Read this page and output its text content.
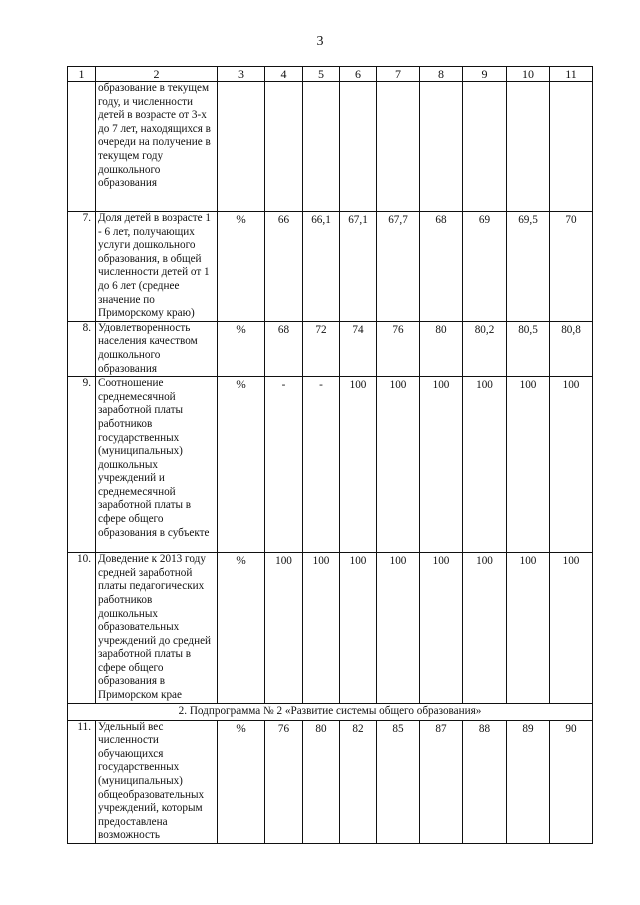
3
1	2	3	4	5	6	7	8	9	10	11
	образование в текущем году, и численности детей в возрасте от 3-х до 7 лет, находящихся в очереди на получение в текущем году дошкольного образования									
7.	Доля детей в возрасте 1 - 6 лет, получающих услуги дошкольного образования, в общей численности детей от 1 до 6 лет (среднее значение по Приморскому краю)	%	66	66,1	67,1	67,7	68	69	69,5	70
8.	Удовлетворенность населения качеством дошкольного образования	%	68	72	74	76	80	80,2	80,5	80,8
9.	Соотношение среднемесячной заработной платы работников государственных (муниципальных) дошкольных учреждений и среднемесячной заработной платы в сфере общего образования в субъекте	%	-	-	100	100	100	100	100	100
10.	Доведение к 2013 году средней заработной платы педагогических работников дошкольных образовательных учреждений до средней заработной платы в сфере общего образования в Приморском крае	%	100	100	100	100	100	100	100	100
2. Подпрограмма № 2 «Развитие системы общего образования»										
11.	Удельный вес численности обучающихся государственных (муниципальных) общеобразовательных учреждений, которым предоставлена возможность	%	76	80	82	85	87	88	89	90
